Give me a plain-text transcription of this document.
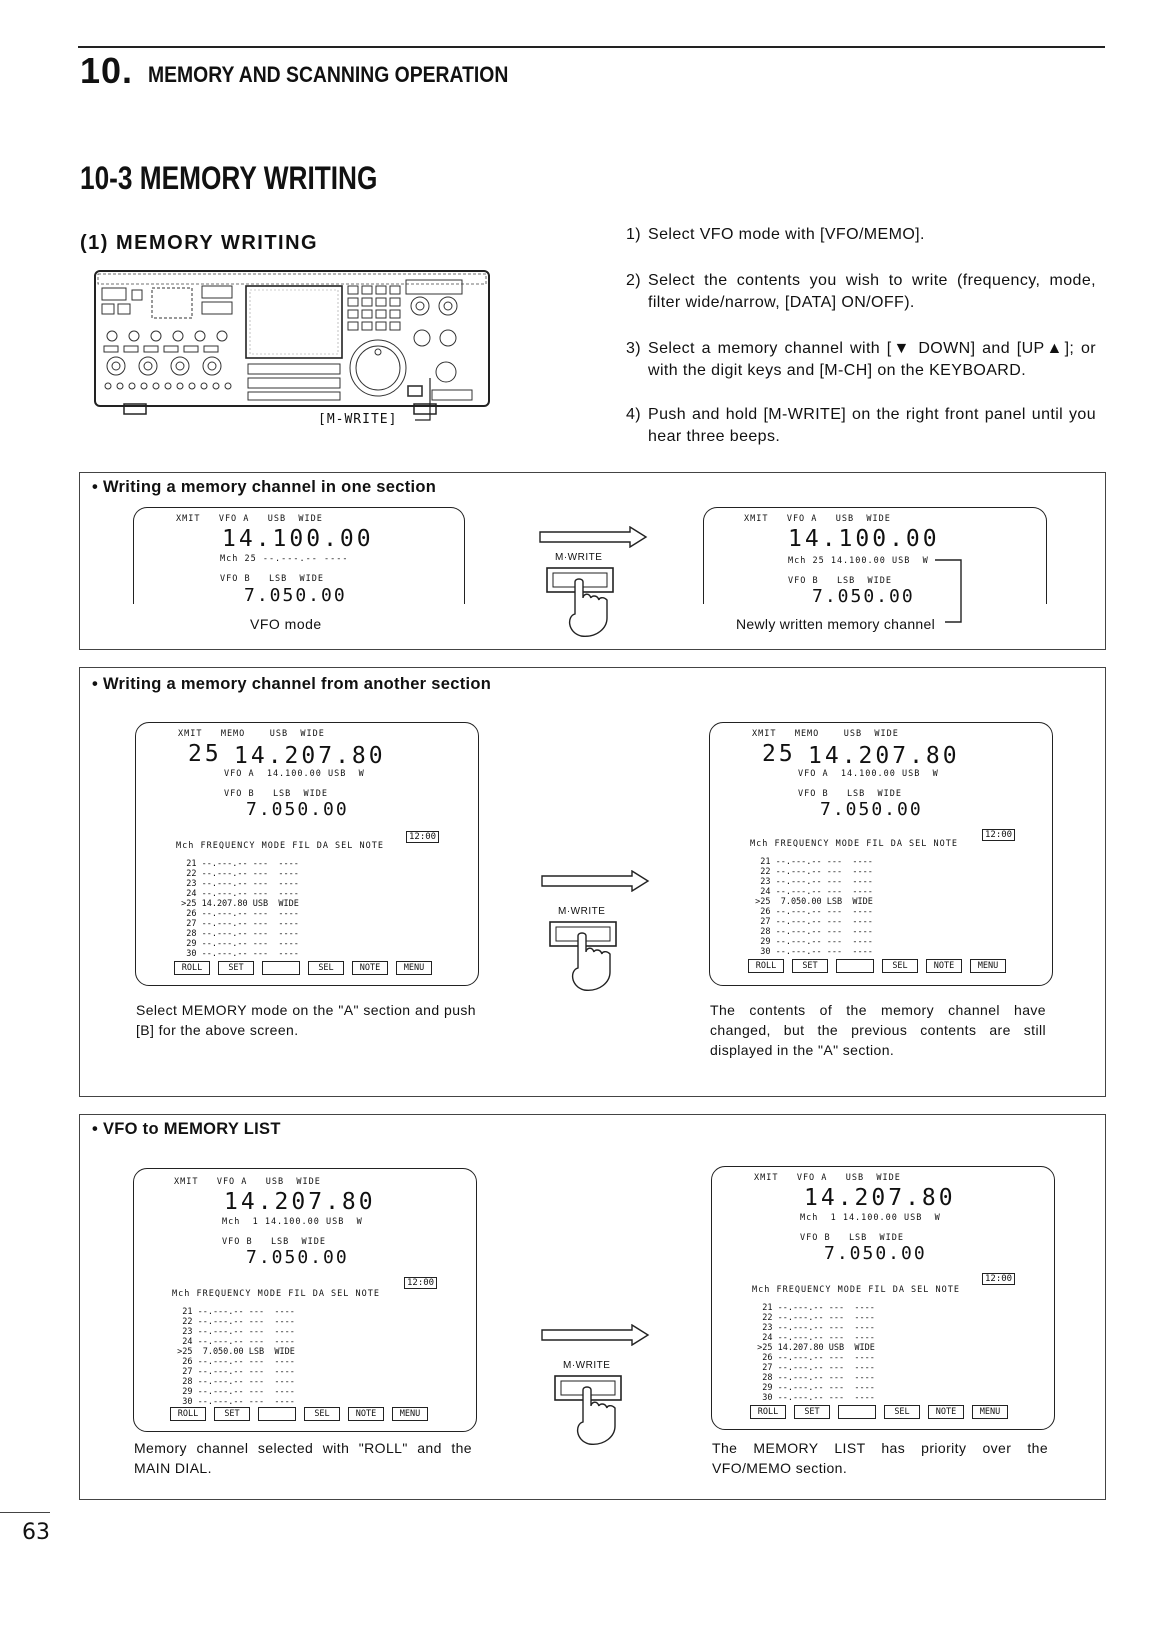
10. MEMORY AND SCANNING OPERATION
10-3 MEMORY WRITING
(1) MEMORY WRITING
[M-WRITE]
1) Select VFO mode with [VFO/MEMO].
2) Select the contents you wish to write (frequency, mode, filter wide/narrow, [DATA] ON/OFF).
3) Select a memory channel with [▼ DOWN] and [UP▲]; or with the digit keys and [M-CH] on the KEYBOARD.
4) Push and hold [M-WRITE] on the right front panel until you hear three beeps.
• Writing a memory channel in one section
XMIT   VFO A   USB  WIDE
14.100.00
Mch 25 --.---.-- ----
VFO B   LSB  WIDE
7.050.00
VFO mode
M·WRITE
XMIT   VFO A   USB  WIDE
14.100.00
Mch 25 14.100.00 USB  W
VFO B   LSB  WIDE
7.050.00
Newly written memory channel
• Writing a memory channel from another section
XMIT   MEMO    USB  WIDE
25 14.207.80
VFO A  14.100.00 USB  W
VFO B   LSB  WIDE
7.050.00
12:00
Mch FREQUENCY MODE FIL DA SEL NOTE
21 --.---.-- ---  ----
22 --.---.-- ---  ----
23 --.---.-- ---  ----
24 --.---.-- ---  ----
>25 14.207.80 USB  WIDE
26 --.---.-- ---  ----
27 --.---.-- ---  ----
28 --.---.-- ---  ----
29 --.---.-- ---  ----
30 --.---.-- ---  ----
ROLL	SET	SEL	NOTE	MENU
Select MEMORY mode on the "A" section and push [B] for the above screen.
M·WRITE
XMIT   MEMO    USB  WIDE
25 14.207.80
VFO A  14.100.00 USB  W
VFO B   LSB  WIDE
7.050.00
12:00
Mch FREQUENCY MODE FIL DA SEL NOTE
21 --.---.-- ---  ----
22 --.---.-- ---  ----
23 --.---.-- ---  ----
24 --.---.-- ---  ----
>25  7.050.00 LSB  WIDE
26 --.---.-- ---  ----
27 --.---.-- ---  ----
28 --.---.-- ---  ----
29 --.---.-- ---  ----
30 --.---.-- ---  ----
ROLL	SET	SEL	NOTE	MENU
The contents of the memory channel have changed, but the previous contents are still displayed in the "A" section.
• VFO to MEMORY LIST
XMIT   VFO A   USB  WIDE
14.207.80
Mch  1 14.100.00 USB  W
VFO B   LSB  WIDE
7.050.00
12:00
Mch FREQUENCY MODE FIL DA SEL NOTE
21 --.---.-- ---  ----
22 --.---.-- ---  ----
23 --.---.-- ---  ----
24 --.---.-- ---  ----
>25  7.050.00 LSB  WIDE
26 --.---.-- ---  ----
27 --.---.-- ---  ----
28 --.---.-- ---  ----
29 --.---.-- ---  ----
30 --.---.-- ---  ----
ROLL	SET	SEL	NOTE	MENU
Memory channel selected with "ROLL" and the MAIN DIAL.
M·WRITE
XMIT   VFO A   USB  WIDE
14.207.80
Mch  1 14.100.00 USB  W
VFO B   LSB  WIDE
7.050.00
12:00
Mch FREQUENCY MODE FIL DA SEL NOTE
21 --.---.-- ---  ----
22 --.---.-- ---  ----
23 --.---.-- ---  ----
24 --.---.-- ---  ----
>25 14.207.80 USB  WIDE
26 --.---.-- ---  ----
27 --.---.-- ---  ----
28 --.---.-- ---  ----
29 --.---.-- ---  ----
30 --.---.-- ---  ----
ROLL	SET	SEL	NOTE	MENU
The MEMORY LIST has priority over the VFO/MEMO section.
63
